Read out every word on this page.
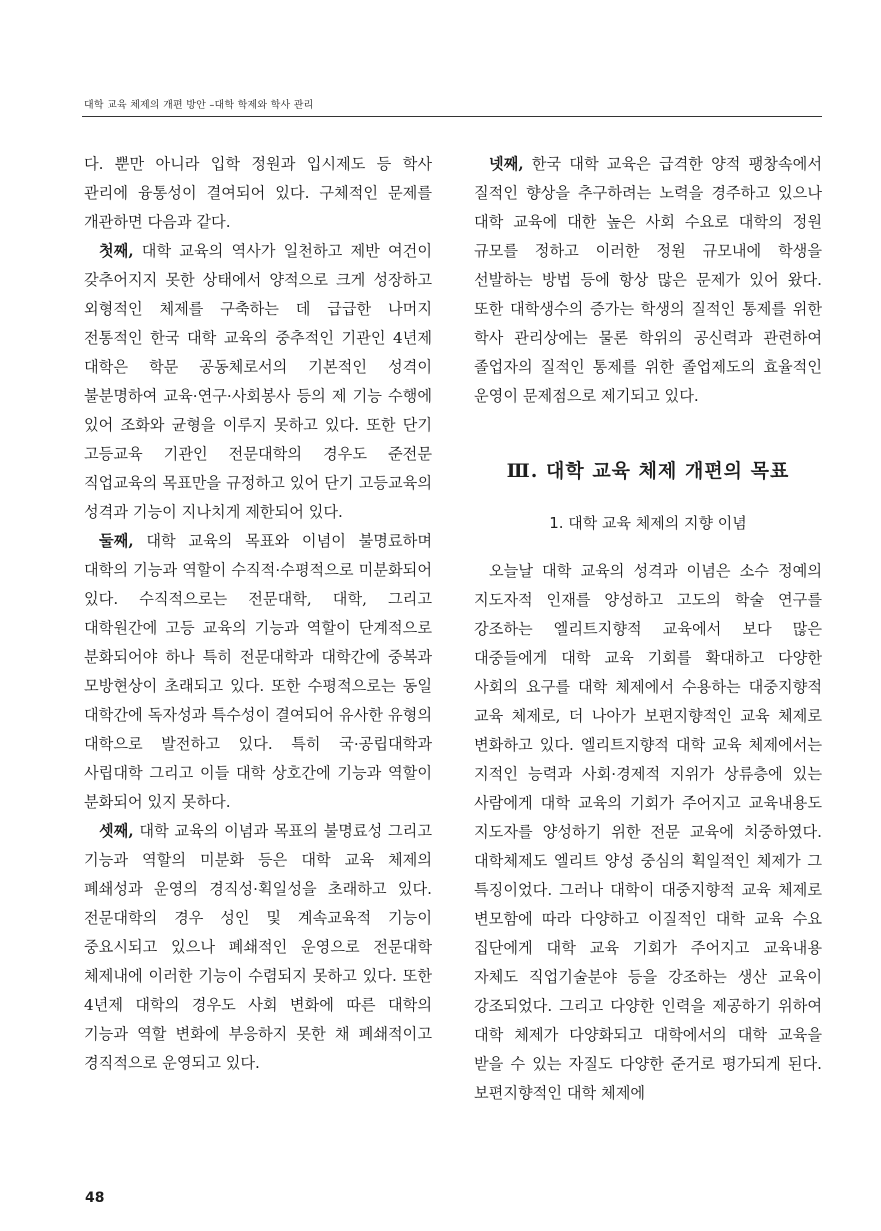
대학 교육 체제의 개편 방안 –대학 학제와 학사 관리

다. 뿐만 아니라 입학 정원과 입시제도 등 학사 관리에 융통성이 결여되어 있다. 구체적인 문제를 개관하면 다음과 같다.

첫째, 대학 교육의 역사가 일천하고 제반 여건이 갖추어지지 못한 상태에서 양적으로 크게 성장하고 외형적인 체제를 구축하는 데 급급한 나머지 전통적인 한국 대학 교육의 중추적인 기관인 4년제 대학은 학문 공동체로서의 기본적인 성격이 불분명하여 교육·연구·사회봉사 등의 제 기능 수행에 있어 조화와 균형을 이루지 못하고 있다. 또한 단기 고등교육 기관인 전문대학의 경우도 준전문 직업교육의 목표만을 규정하고 있어 단기 고등교육의 성격과 기능이 지나치게 제한되어 있다.

둘째, 대학 교육의 목표와 이념이 불명료하며 대학의 기능과 역할이 수직적·수평적으로 미분화되어 있다. 수직적으로는 전문대학, 대학, 그리고 대학원간에 고등 교육의 기능과 역할이 단계적으로 분화되어야 하나 특히 전문대학과 대학간에 중복과 모방현상이 초래되고 있다. 또한 수평적으로는 동일 대학간에 독자성과 특수성이 결여되어 유사한 유형의 대학으로 발전하고 있다. 특히 국·공립대학과 사립대학 그리고 이들 대학 상호간에 기능과 역할이 분화되어 있지 못하다.

셋째, 대학 교육의 이념과 목표의 불명료성 그리고 기능과 역할의 미분화 등은 대학 교육 체제의 폐쇄성과 운영의 경직성·획일성을 초래하고 있다. 전문대학의 경우 성인 및 계속교육적 기능이 중요시되고 있으나 폐쇄적인 운영으로 전문대학 체제내에 이러한 기능이 수렴되지 못하고 있다. 또한 4년제 대학의 경우도 사회 변화에 따른 대학의 기능과 역할 변화에 부응하지 못한 채 폐쇄적이고 경직적으로 운영되고 있다.

넷째, 한국 대학 교육은 급격한 양적 팽창속에서 질적인 향상을 추구하려는 노력을 경주하고 있으나 대학 교육에 대한 높은 사회 수요로 대학의 정원 규모를 정하고 이러한 정원 규모내에 학생을 선발하는 방법 등에 항상 많은 문제가 있어 왔다. 또한 대학생수의 증가는 학생의 질적인 통제를 위한 학사 관리상에는 물론 학위의 공신력과 관련하여 졸업자의 질적인 통제를 위한 졸업제도의 효율적인 운영이 문제점으로 제기되고 있다.

Ⅲ. 대학 교육 체제 개편의 목표
1. 대학 교육 체제의 지향 이념

오늘날 대학 교육의 성격과 이념은 소수 정예의 지도자적 인재를 양성하고 고도의 학술 연구를 강조하는 엘리트지향적 교육에서 보다 많은 대중들에게 대학 교육 기회를 확대하고 다양한 사회의 요구를 대학 체제에서 수용하는 대중지향적 교육 체제로, 더 나아가 보편지향적인 교육 체제로 변화하고 있다. 엘리트지향적 대학 교육 체제에서는 지적인 능력과 사회·경제적 지위가 상류층에 있는 사람에게 대학 교육의 기회가 주어지고 교육내용도 지도자를 양성하기 위한 전문 교육에 치중하였다. 대학체제도 엘리트 양성 중심의 획일적인 체제가 그 특징이었다. 그러나 대학이 대중지향적 교육 체제로 변모함에 따라 다양하고 이질적인 대학 교육 수요 집단에게 대학 교육 기회가 주어지고 교육내용 자체도 직업기술분야 등을 강조하는 생산 교육이 강조되었다. 그리고 다양한 인력을 제공하기 위하여 대학 체제가 다양화되고 대학에서의 대학 교육을 받을 수 있는 자질도 다양한 준거로 평가되게 된다. 보편지향적인 대학 체제에

48
